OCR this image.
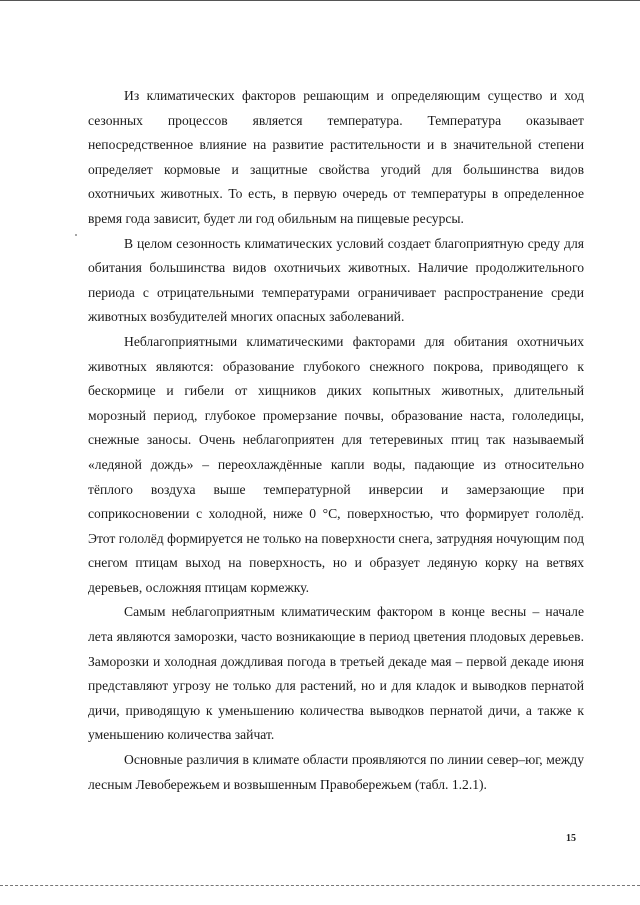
Из климатических факторов решающим и определяющим существо и ход сезонных процессов является температура. Температура оказывает непосредственное влияние на развитие растительности и в значительной степени определяет кормовые и защитные свойства угодий для большинства видов охотничьих животных. То есть, в первую очередь от температуры в определенное время года зависит, будет ли год обильным на пищевые ресурсы.

В целом сезонность климатических условий создает благоприятную среду для обитания большинства видов охотничьих животных. Наличие продолжительного периода с отрицательными температурами ограничивает распространение среди животных возбудителей многих опасных заболеваний.

Неблагоприятными климатическими факторами для обитания охотничьих животных являются: образование глубокого снежного покрова, приводящего к бескормице и гибели от хищников диких копытных животных, длительный морозный период, глубокое промерзание почвы, образование наста, гололедицы, снежные заносы. Очень неблагоприятен для тетеревиных птиц так называемый «ледяной дождь» – переохлаждённые капли воды, падающие из относительно тёплого воздуха выше температурной инверсии и замерзающие при соприкосновении с холодной, ниже 0 °С, поверхностью, что формирует гололёд. Этот гололёд формируется не только на поверхности снега, затрудняя ночующим под снегом птицам выход на поверхность, но и образует ледяную корку на ветвях деревьев, осложняя птицам кормежку.

Самым неблагоприятным климатическим фактором в конце весны – начале лета являются заморозки, часто возникающие в период цветения плодовых деревьев. Заморозки и холодная дождливая погода в третьей декаде мая – первой декаде июня представляют угрозу не только для растений, но и для кладок и выводков пернатой дичи, приводящую к уменьшению количества выводков пернатой дичи, а также к уменьшению количества зайчат.

Основные различия в климате области проявляются по линии север–юг, между лесным Левобережьем и возвышенным Правобережьем (табл. 1.2.1).

15
